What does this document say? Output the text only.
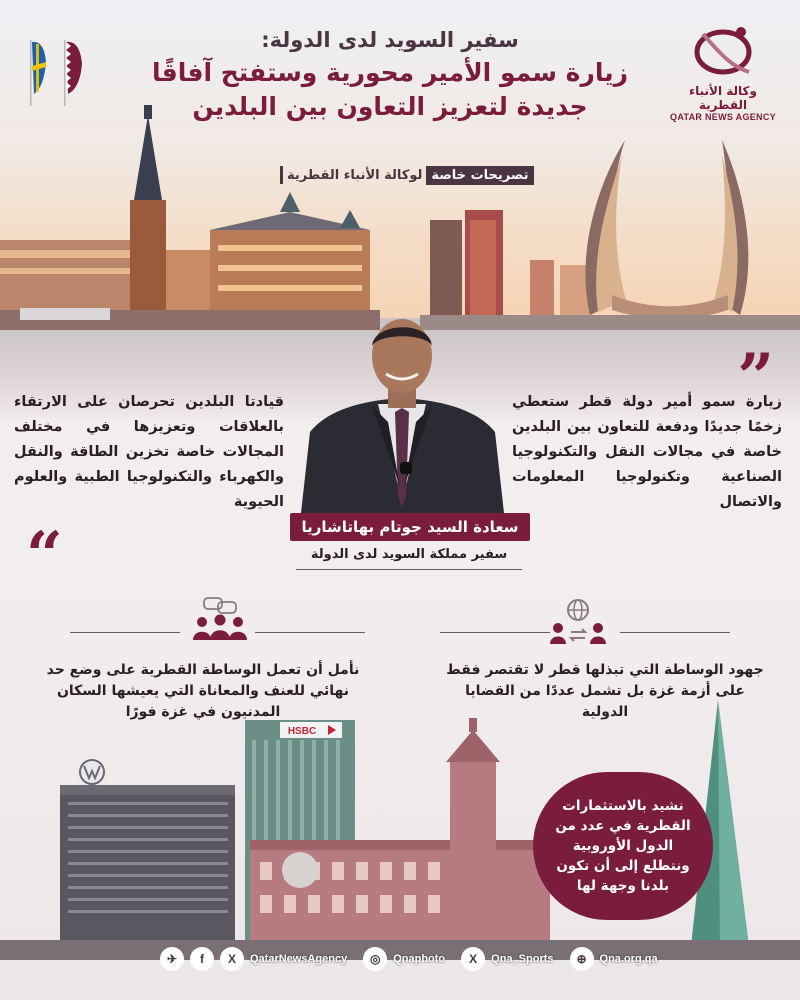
وكالة الأنباء القطرية
QATAR NEWS AGENCY
سفير السويد لدى الدولة:
زيارة سمو الأمير محورية وستفتح آفاقًا
جديدة لتعزيز التعاون بين البلدين
تصريحات خاصة
لوكالة الأنباء القطرية
”
زيارة سمو أمير دولة قطر ستعطي زخمًا جديدًا ودفعة للتعاون بين البلدين خاصة في مجالات النقل والتكنولوجيا الصناعية وتكنولوجيا المعلومات والاتصال
قيادتا البلدين تحرصان على الارتقاء بالعلاقات وتعزيزها في مختلف المجالات خاصة تخزين الطاقة والنقل والكهرباء والتكنولوجيا الطبية والعلوم الحيوية
“	سعادة السيد جوتام بهاتاشاريا
سفير مملكة السويد لدى الدولة
جهود الوساطة التي تبذلها قطر لا تقتصر فقط على أزمة غزة بل تشمل عددًا من القضايا الدولية
نأمل أن تعمل الوساطة القطرية على وضع حد نهائي للعنف والمعاناة التي يعيشها السكان المدنيون في غزة فورًا
HSBC
نشيد بالاستثمارات القطرية في عدد من الدول الأوروبية ونتطلع إلى أن تكون بلدنا وجهة لها
✈	f	X	QatarNewsAgency	◎	Qnaphoto	X	Qna_Sports	⊕	Qna.org.qa
